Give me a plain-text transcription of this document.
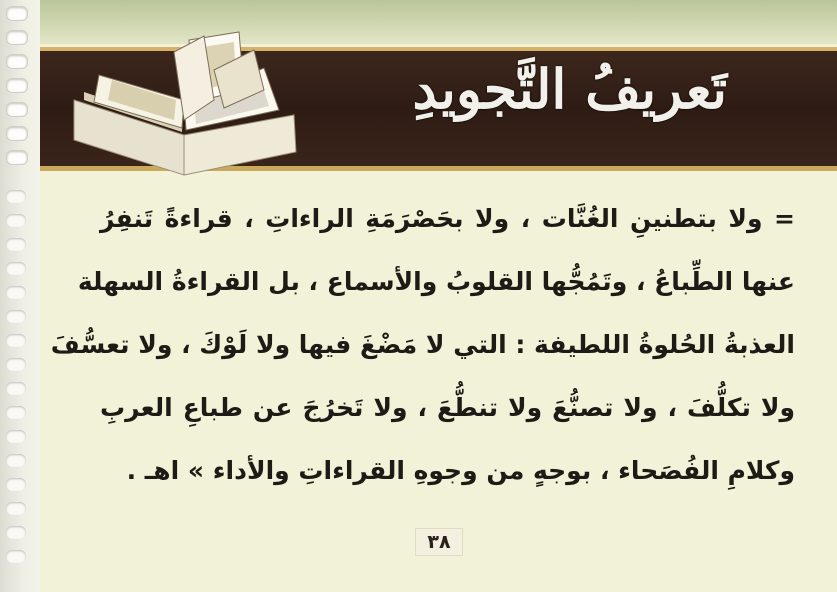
تَعريفُ التَّجويدِ
= ولا بتطنينِ الغُنَّات ، ولا بحَصْرَمَةِ الراءاتِ ، قراءةً تَنفِرُ
عنها الطِّباعُ ، وتَمُجُّها القلوبُ والأسماع ، بل القراءةُ السهلة
العذبةُ الحُلوةُ اللطيفة : التي لا مَضْغَ فيها ولا لَوْكَ ، ولا تعسُّفَ
ولا تكلُّفَ ، ولا تصنُّعَ ولا تنطُّعَ ، ولا تَخرُجَ عن طباعِ العربِ
وكلامِ الفُصَحاء ، بوجهٍ من وجوهِ القراءاتِ والأداء » اهـ .
٣٨
